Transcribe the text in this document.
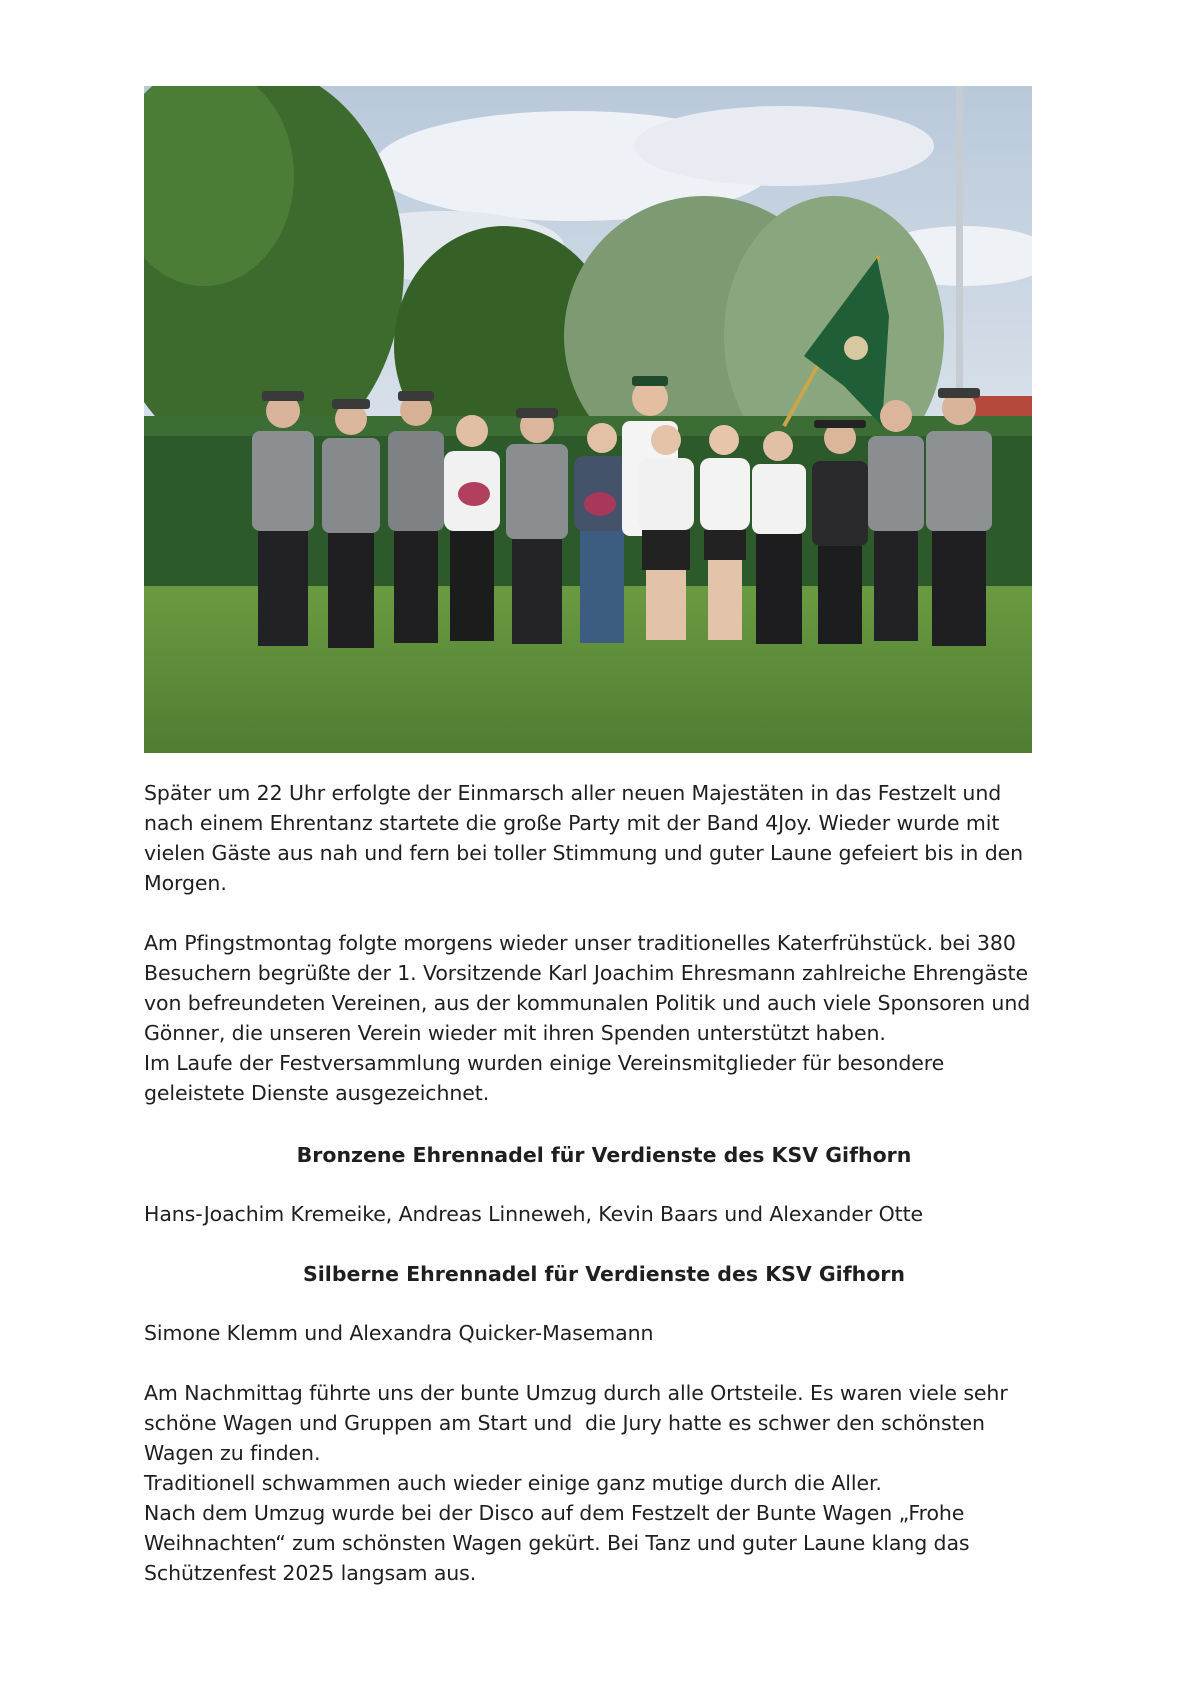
Später um 22 Uhr erfolgte der Einmarsch aller neuen Majestäten in das Festzelt und
nach einem Ehrentanz startete die große Party mit der Band 4Joy. Wieder wurde mit
vielen Gäste aus nah und fern bei toller Stimmung und guter Laune gefeiert bis in den
Morgen.

Am Pfingstmontag folgte morgens wieder unser traditionelles Katerfrühstück. bei 380
Besuchern begrüßte der 1. Vorsitzende Karl Joachim Ehresmann zahlreiche Ehrengäste
von befreundeten Vereinen, aus der kommunalen Politik und auch viele Sponsoren und
Gönner, die unseren Verein wieder mit ihren Spenden unterstützt haben.
Im Laufe der Festversammlung wurden einige Vereinsmitglieder für besondere
geleistete Dienste ausgezeichnet.

Bronzene Ehrennadel für Verdienste des KSV Gifhorn

Hans-Joachim Kremeike, Andreas Linneweh, Kevin Baars und Alexander Otte

Silberne Ehrennadel für Verdienste des KSV Gifhorn

Simone Klemm und Alexandra Quicker-Masemann

Am Nachmittag führte uns der bunte Umzug durch alle Ortsteile. Es waren viele sehr
schöne Wagen und Gruppen am Start und  die Jury hatte es schwer den schönsten
Wagen zu finden.
Traditionell schwammen auch wieder einige ganz mutige durch die Aller.
Nach dem Umzug wurde bei der Disco auf dem Festzelt der Bunte Wagen „Frohe
Weihnachten“ zum schönsten Wagen gekürt. Bei Tanz und guter Laune klang das
Schützenfest 2025 langsam aus.
